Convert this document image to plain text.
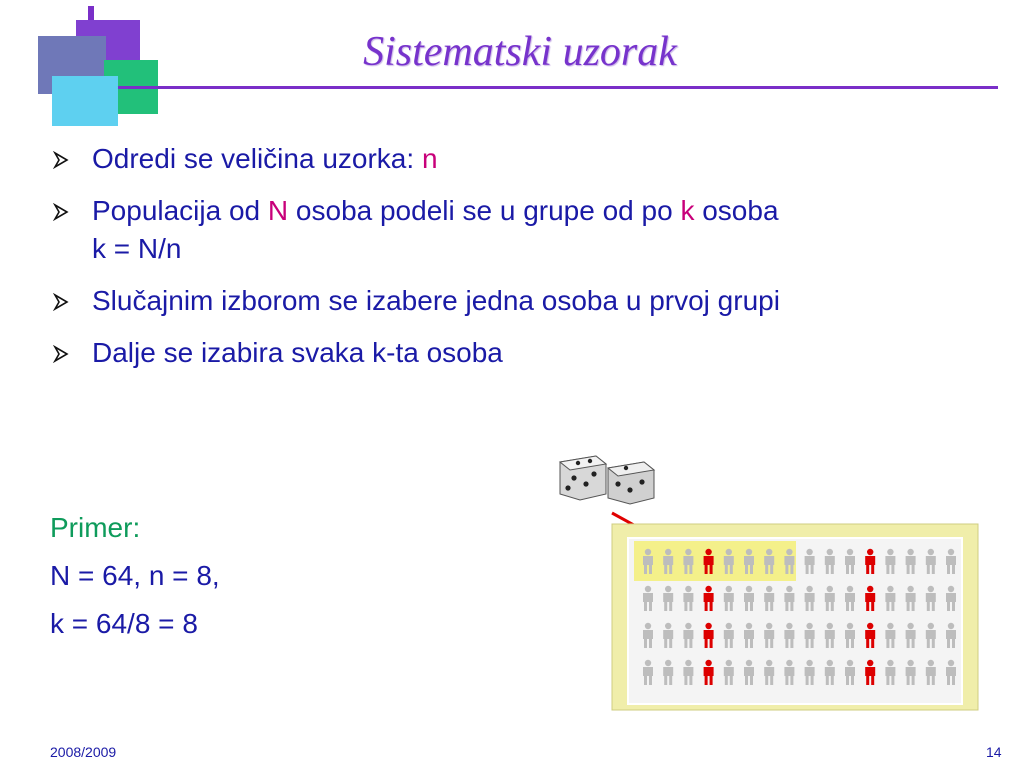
Sistematski uzorak
Odredi se veličina uzorka: n
Populacija od N osoba podeli se u grupe od po k osoba
k = N/n
Slučajnim izborom se izabere jedna osoba u prvoj grupi
Dalje se izabira svaka k-ta osoba
Primer:
N = 64, n = 8,
k = 64/8 = 8
2008/2009	14
